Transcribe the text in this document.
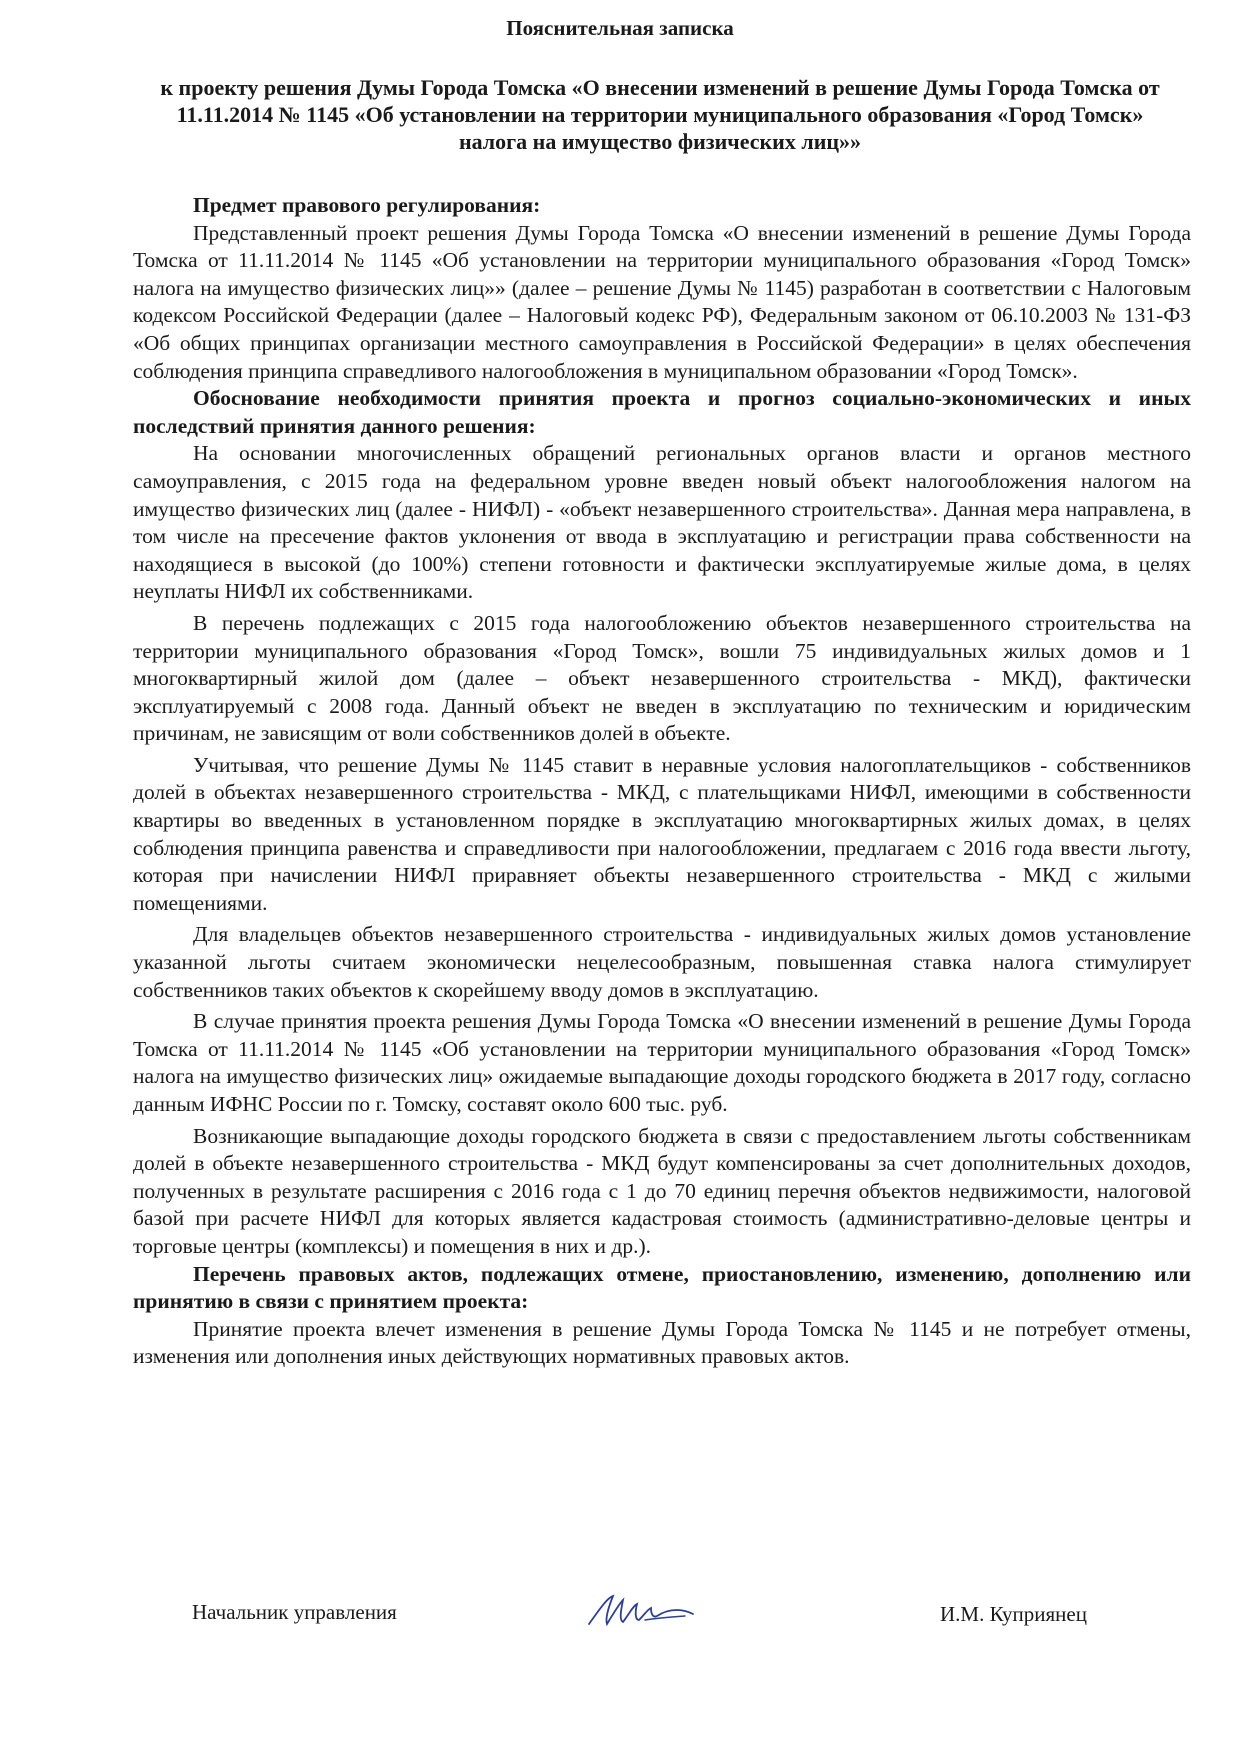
Пояснительная записка

к проекту решения Думы Города Томска «О внесении изменений в решение Думы Города Томска от 11.11.2014 № 1145 «Об установлении на территории муниципального образования «Город Томск» налога на имущество физических лиц»»

Предмет правового регулирования:

Представленный проект решения Думы Города Томска «О внесении изменений в решение Думы Города Томска от 11.11.2014 № 1145 «Об установлении на территории муниципального образования «Город Томск» налога на имущество физических лиц»» (далее – решение Думы № 1145) разработан в соответствии с Налоговым кодексом Российской Федерации (далее – Налоговый кодекс РФ), Федеральным законом от 06.10.2003 № 131-ФЗ «Об общих принципах организации местного самоуправления в Российской Федерации» в целях обеспечения соблюдения принципа справедливого налогообложения в муниципальном образовании «Город Томск».

Обоснование необходимости принятия проекта и прогноз социально-экономических и иных последствий принятия данного решения:

На основании многочисленных обращений региональных органов власти и органов местного самоуправления, с 2015 года на федеральном уровне введен новый объект налогообложения налогом на имущество физических лиц (далее - НИФЛ) - «объект незавершенного строительства». Данная мера направлена, в том числе на пресечение фактов уклонения от ввода в эксплуатацию и регистрации права собственности на находящиеся в высокой (до 100%) степени готовности и фактически эксплуатируемые жилые дома, в целях неуплаты НИФЛ их собственниками.

В перечень подлежащих с 2015 года налогообложению объектов незавершенного строительства на территории муниципального образования «Город Томск», вошли 75 индивидуальных жилых домов и 1 многоквартирный жилой дом (далее – объект незавершенного строительства - МКД), фактически эксплуатируемый с 2008 года. Данный объект не введен в эксплуатацию по техническим и юридическим причинам, не зависящим от воли собственников долей в объекте.

Учитывая, что решение Думы № 1145 ставит в неравные условия налогоплательщиков - собственников долей в объектах незавершенного строительства - МКД, с плательщиками НИФЛ, имеющими в собственности квартиры во введенных в установленном порядке в эксплуатацию многоквартирных жилых домах, в целях соблюдения принципа равенства и справедливости при налогообложении, предлагаем с 2016 года ввести льготу, которая при начислении НИФЛ приравняет объекты незавершенного строительства - МКД с жилыми помещениями.

Для владельцев объектов незавершенного строительства - индивидуальных жилых домов установление указанной льготы считаем экономически нецелесообразным, повышенная ставка налога стимулирует собственников таких объектов к скорейшему вводу домов в эксплуатацию.

В случае принятия проекта решения Думы Города Томска «О внесении изменений в решение Думы Города Томска от 11.11.2014 № 1145 «Об установлении на территории муниципального образования «Город Томск» налога на имущество физических лиц» ожидаемые выпадающие доходы городского бюджета в 2017 году, согласно данным ИФНС России по г. Томску, составят около 600 тыс. руб.

Возникающие выпадающие доходы городского бюджета в связи с предоставлением льготы собственникам долей в объекте незавершенного строительства - МКД будут компенсированы за счет дополнительных доходов, полученных в результате расширения с 2016 года с 1 до 70 единиц перечня объектов недвижимости, налоговой базой при расчете НИФЛ для которых является кадастровая стоимость (административно-деловые центры и торговые центры (комплексы) и помещения в них и др.).

Перечень правовых актов, подлежащих отмене, приостановлению, изменению, дополнению или принятию в связи с принятием проекта:

Принятие проекта влечет изменения в решение Думы Города Томска № 1145 и не потребует отмены, изменения или дополнения иных действующих нормативных правовых актов.

Начальник управления	И.М. Куприянец
